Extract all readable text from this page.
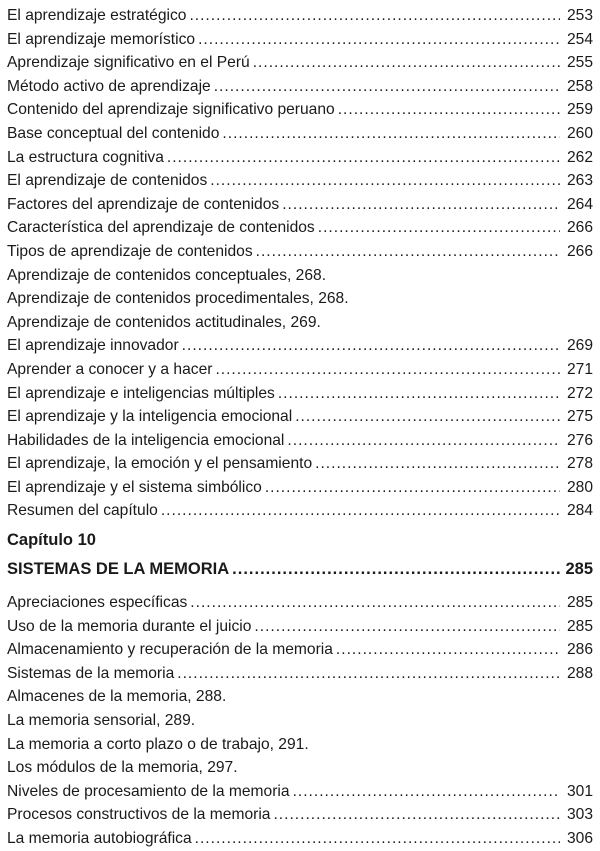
El aprendizaje estratégico .....	253
El aprendizaje memorístico .....	254
Aprendizaje significativo en el Perú .....	255
Método activo de aprendizaje .....	258
Contenido del aprendizaje significativo peruano .....	259
Base conceptual del contenido .....	260
La estructura cognitiva .....	262
El aprendizaje de contenidos .....	263
Factores del aprendizaje de contenidos .....	264
Característica del aprendizaje de contenidos .....	266
Tipos de aprendizaje de contenidos .....	266
Aprendizaje de contenidos conceptuales, 268.
Aprendizaje de contenidos procedimentales, 268.
Aprendizaje de contenidos actitudinales, 269.
El aprendizaje innovador .....	269
Aprender a conocer y a hacer .....	271
El aprendizaje e inteligencias múltiples .....	272
El aprendizaje y la inteligencia emocional .....	275
Habilidades de la inteligencia emocional .....	276
El aprendizaje, la emoción y el pensamiento .....	278
El aprendizaje y el sistema simbólico .....	280
Resumen del capítulo .....	284
Capítulo 10
SISTEMAS DE LA MEMORIA .....	285
Apreciaciones específicas .....	285
Uso de la memoria durante el juicio .....	285
Almacenamiento y recuperación de la memoria .....	286
Sistemas de la memoria .....	288
Almacenes de la memoria, 288.
La memoria sensorial, 289.
La memoria a corto plazo o de trabajo, 291.
Los módulos de la memoria, 297.
Niveles de procesamiento de la memoria .....	301
Procesos constructivos de la memoria .....	303
La memoria autobiográfica .....	306
